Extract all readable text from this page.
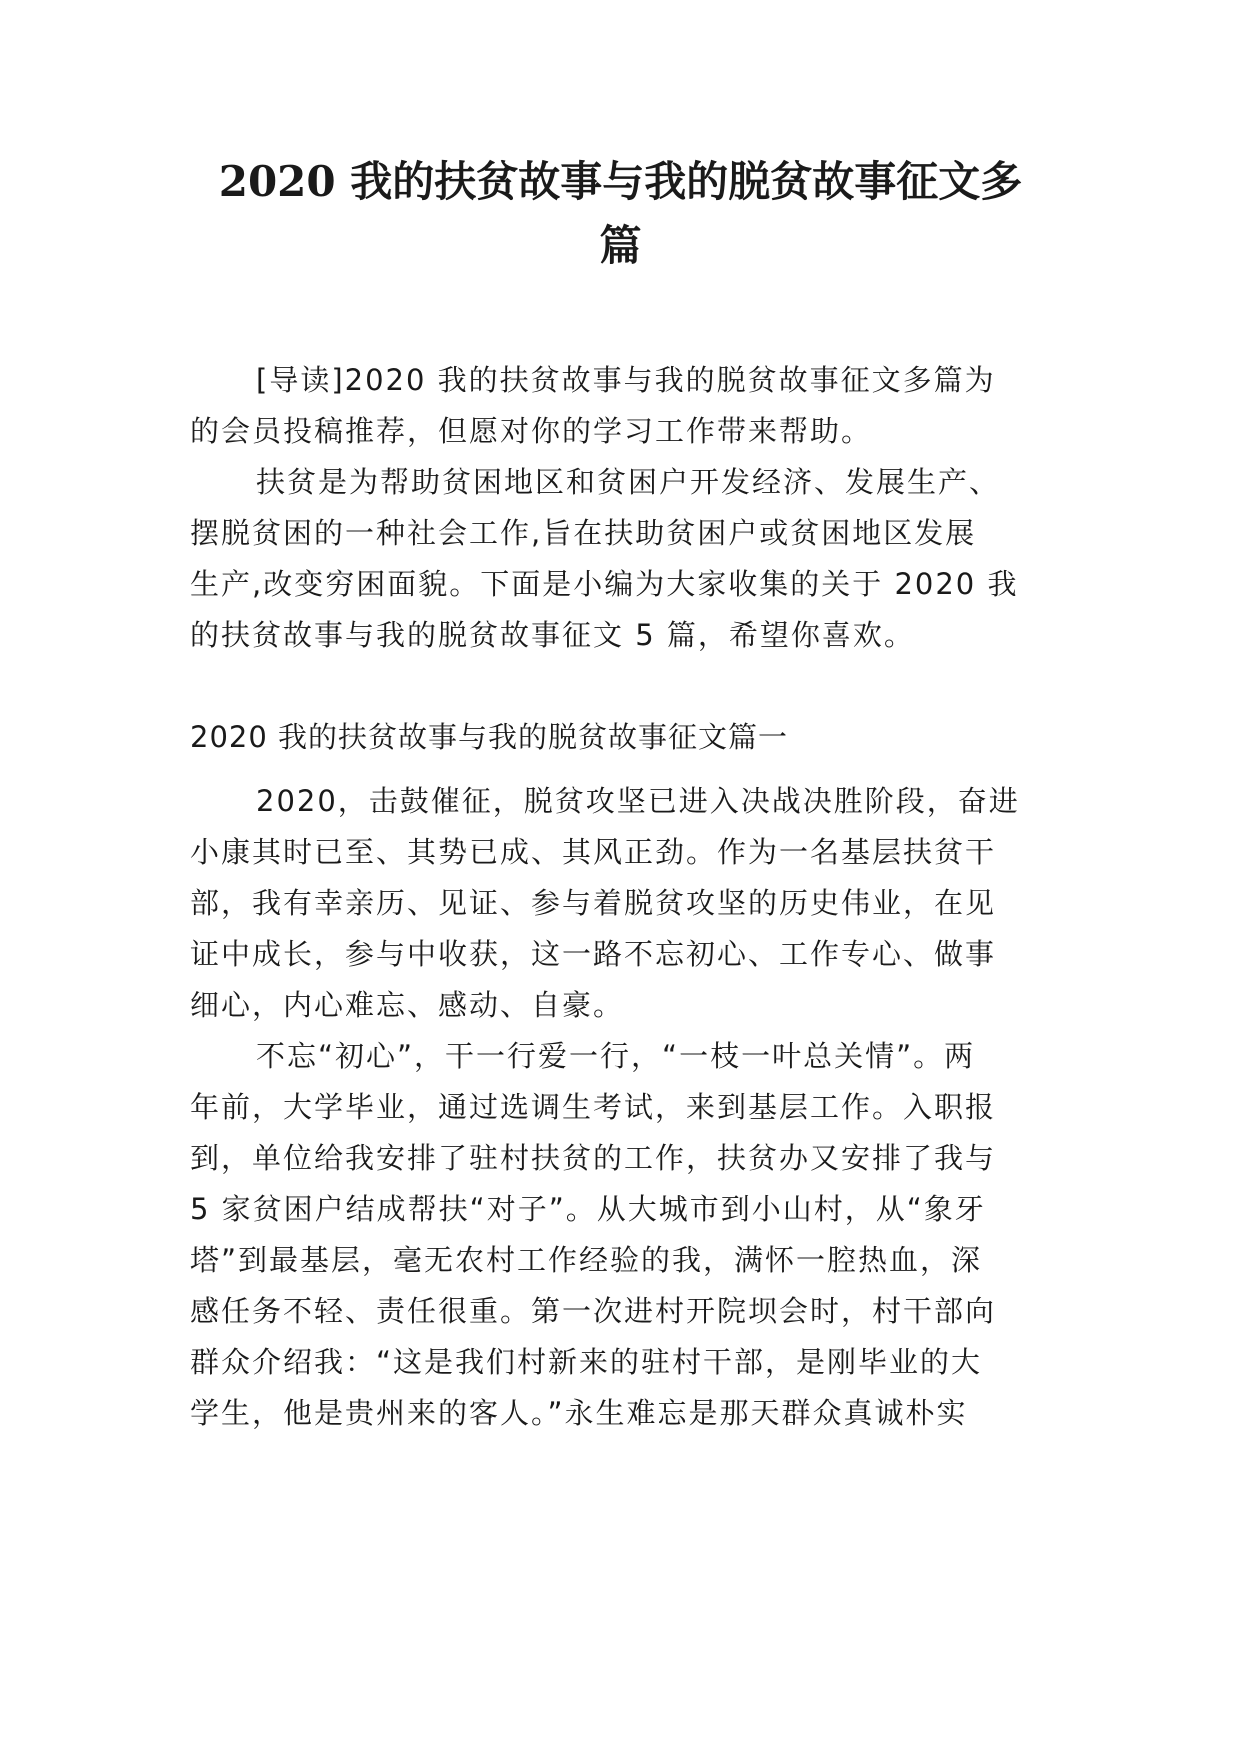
2020 我的扶贫故事与我的脱贫故事征文多
篇
[导读]2020 我的扶贫故事与我的脱贫故事征文多篇为
的会员投稿推荐，但愿对你的学习工作带来帮助。
扶贫是为帮助贫困地区和贫困户开发经济、发展生产、
摆脱贫困的一种社会工作,旨在扶助贫困户或贫困地区发展
生产,改变穷困面貌。下面是小编为大家收集的关于 2020 我
的扶贫故事与我的脱贫故事征文 5 篇，希望你喜欢。
2020 我的扶贫故事与我的脱贫故事征文篇一
2020，击鼓催征，脱贫攻坚已进入决战决胜阶段，奋进
小康其时已至、其势已成、其风正劲。作为一名基层扶贫干
部，我有幸亲历、见证、参与着脱贫攻坚的历史伟业，在见
证中成长，参与中收获，这一路不忘初心、工作专心、做事
细心，内心难忘、感动、自豪。
不忘“初心”，干一行爱一行，“一枝一叶总关情”。两
年前，大学毕业，通过选调生考试，来到基层工作。入职报
到，单位给我安排了驻村扶贫的工作，扶贫办又安排了我与
5 家贫困户结成帮扶“对子”。从大城市到小山村，从“象牙
塔”到最基层，毫无农村工作经验的我，满怀一腔热血，深
感任务不轻、责任很重。第一次进村开院坝会时，村干部向
群众介绍我：“这是我们村新来的驻村干部，是刚毕业的大
学生，他是贵州来的客人。”永生难忘是那天群众真诚朴实
